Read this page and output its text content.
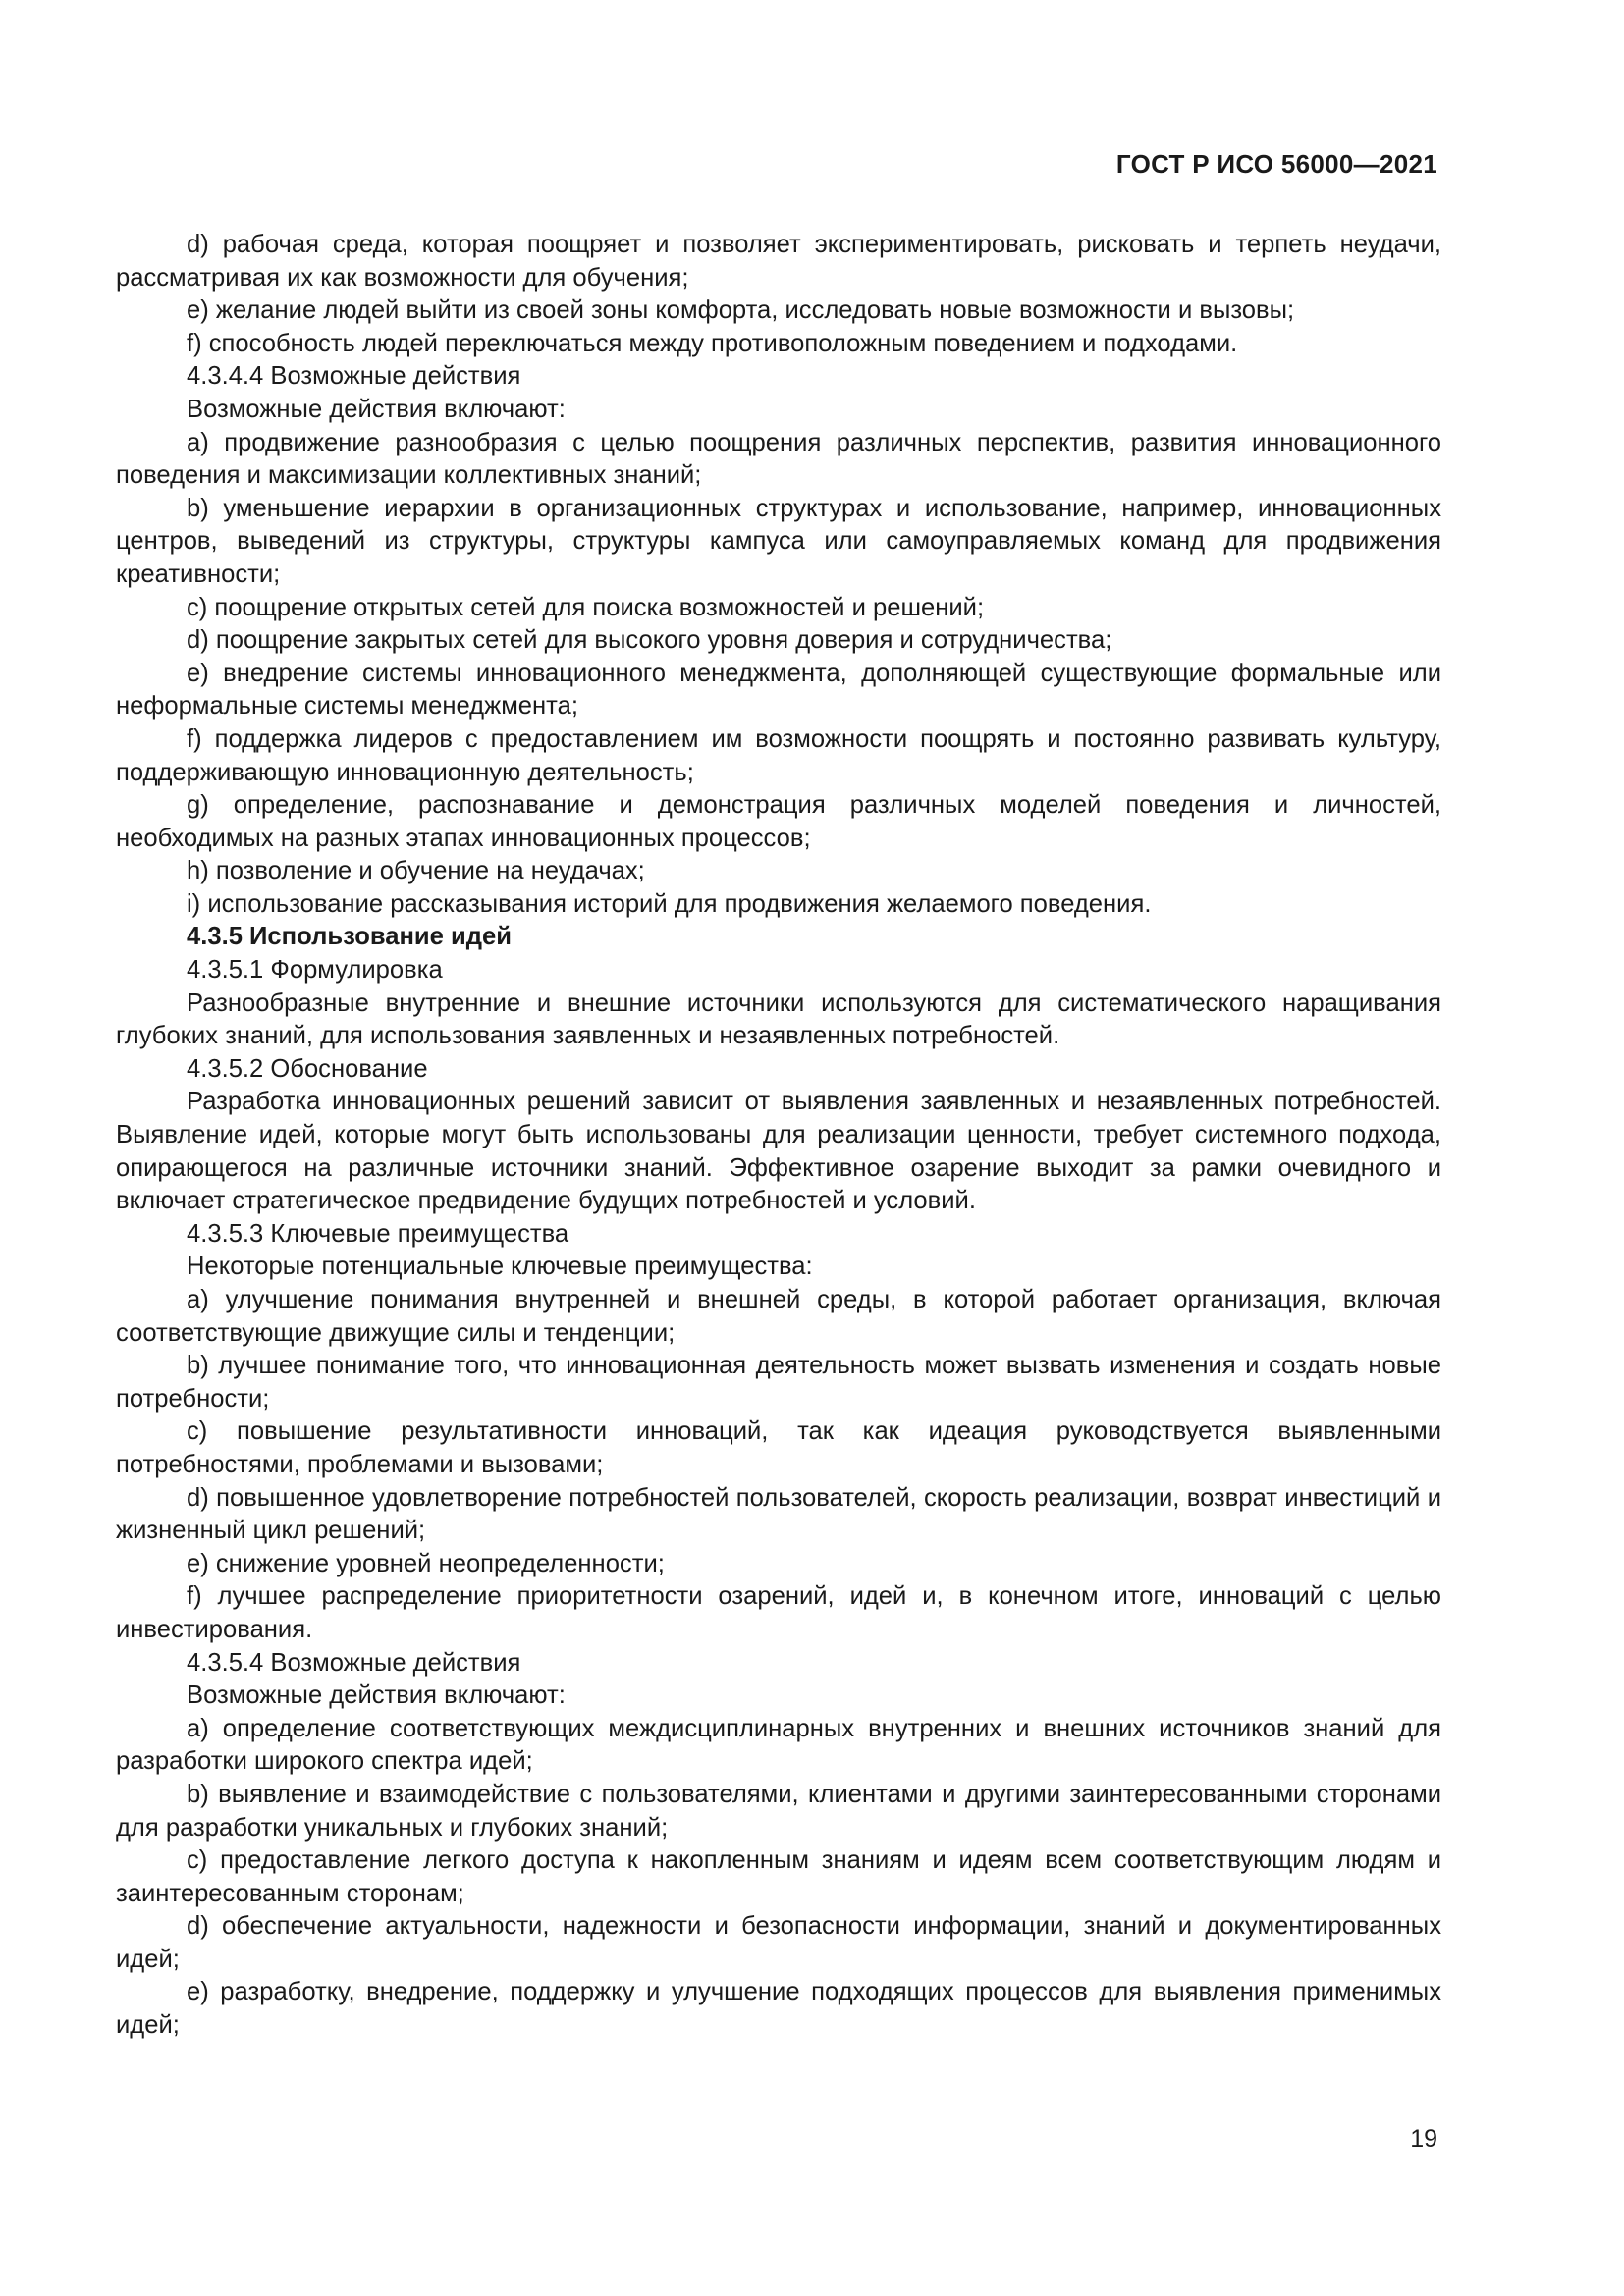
ГОСТ Р ИСО 56000—2021

d) рабочая среда, которая поощряет и позволяет экспериментировать, рисковать и терпеть неудачи, рассматривая их как возможности для обучения;

е) желание людей выйти из своей зоны комфорта, исследовать новые возможности и вызовы;

f) способность людей переключаться между противоположным поведением и подходами.

4.3.4.4 Возможные действия

Возможные действия включают:

a) продвижение разнообразия с целью поощрения различных перспектив, развития инновационного поведения и максимизации коллективных знаний;

b) уменьшение иерархии в организационных структурах и использование, например, инновационных центров, выведений из структуры, структуры кампуса или самоуправляемых команд для продвижения креативности;

c) поощрение открытых сетей для поиска возможностей и решений;

d) поощрение закрытых сетей для высокого уровня доверия и сотрудничества;

e) внедрение системы инновационного менеджмента, дополняющей существующие формальные или неформальные системы менеджмента;

f) поддержка лидеров с предоставлением им возможности поощрять и постоянно развивать культуру, поддерживающую инновационную деятельность;

g) определение, распознавание и демонстрация различных моделей поведения и личностей, необходимых на разных этапах инновационных процессов;

h) позволение и обучение на неудачах;

i) использование рассказывания историй для продвижения желаемого поведения.

4.3.5 Использование идей

4.3.5.1 Формулировка

Разнообразные внутренние и внешние источники используются для систематического наращивания глубоких знаний, для использования заявленных и незаявленных потребностей.

4.3.5.2 Обоснование

Разработка инновационных решений зависит от выявления заявленных и незаявленных потребностей. Выявление идей, которые могут быть использованы для реализации ценности, требует системного подхода, опирающегося на различные источники знаний. Эффективное озарение выходит за рамки очевидного и включает стратегическое предвидение будущих потребностей и условий.

4.3.5.3 Ключевые преимущества

Некоторые потенциальные ключевые преимущества:

a) улучшение понимания внутренней и внешней среды, в которой работает организация, включая соответствующие движущие силы и тенденции;

b) лучшее понимание того, что инновационная деятельность может вызвать изменения и создать новые потребности;

c) повышение результативности инноваций, так как идеация руководствуется выявленными потребностями, проблемами и вызовами;

d) повышенное удовлетворение потребностей пользователей, скорость реализации, возврат инвестиций и жизненный цикл решений;

e) снижение уровней неопределенности;

f) лучшее распределение приоритетности озарений, идей и, в конечном итоге, инноваций с целью инвестирования.

4.3.5.4 Возможные действия

Возможные действия включают:

a) определение соответствующих междисциплинарных внутренних и внешних источников знаний для разработки широкого спектра идей;

b) выявление и взаимодействие с пользователями, клиентами и другими заинтересованными сторонами для разработки уникальных и глубоких знаний;

c) предоставление легкого доступа к накопленным знаниям и идеям всем соответствующим людям и заинтересованным сторонам;

d) обеспечение актуальности, надежности и безопасности информации, знаний и документированных идей;

e) разработку, внедрение, поддержку и улучшение подходящих процессов для выявления применимых идей;

19
